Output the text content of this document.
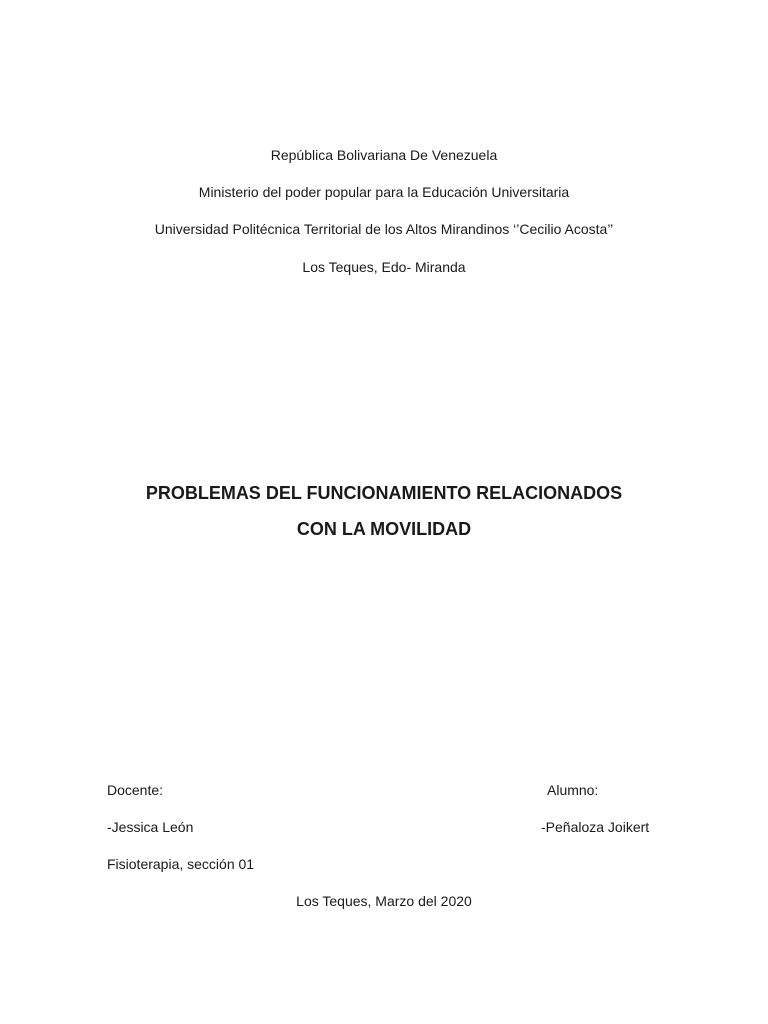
República Bolivariana De Venezuela
Ministerio del poder popular para la Educación Universitaria
Universidad Politécnica Territorial de los Altos Mirandinos ‘’Cecilio Acosta’’
Los Teques, Edo- Miranda
PROBLEMAS DEL FUNCIONAMIENTO RELACIONADOS
CON LA MOVILIDAD
Docente:	Alumno:
-Jessica León	-Peñaloza Joikert
Fisioterapia, sección 01
Los Teques, Marzo del 2020
